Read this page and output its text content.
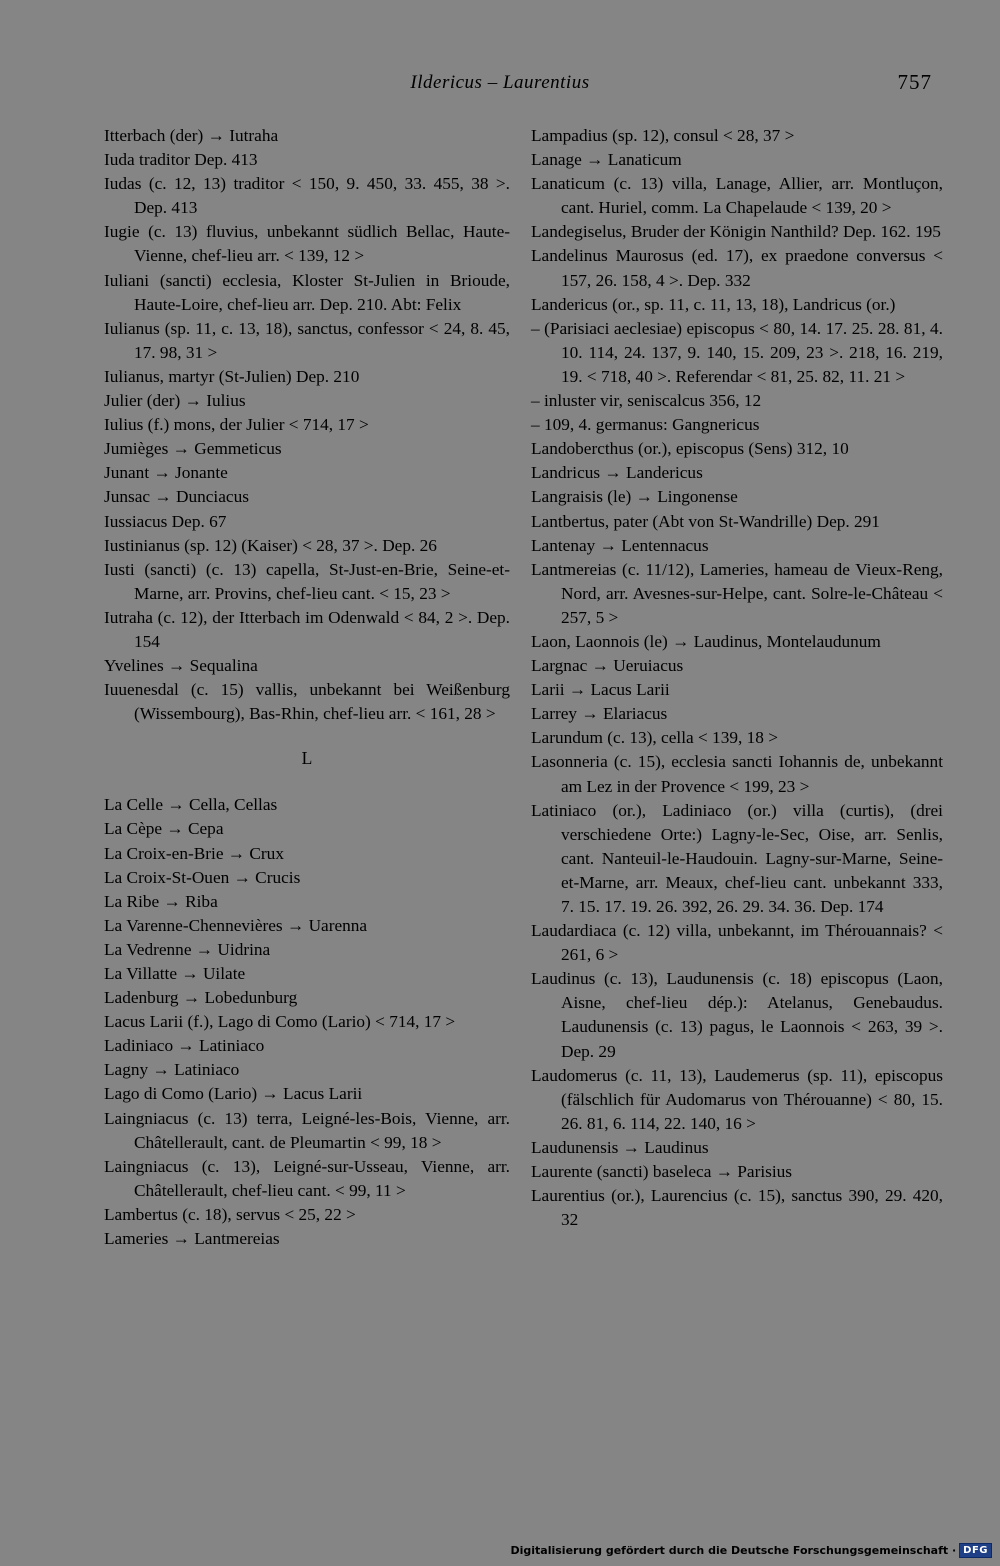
Ildericus – Laurentius	757
Itterbach (der) → Iutraha
Iuda traditor Dep. 413
Iudas (c. 12, 13) traditor < 150, 9. 450, 33. 455, 38 >. Dep. 413
Iugie (c. 13) fluvius, unbekannt südlich Bellac, Haute-Vienne, chef-lieu arr. < 139, 12 >
Iuliani (sancti) ecclesia, Kloster St-Julien in Brioude, Haute-Loire, chef-lieu arr. Dep. 210. Abt: Felix
Iulianus (sp. 11, c. 13, 18), sanctus, confessor < 24, 8. 45, 17. 98, 31 >
Iulianus, martyr (St-Julien) Dep. 210
Julier (der) → Iulius
Iulius (f.) mons, der Julier < 714, 17 >
Jumièges → Gemmeticus
Junant → Jonante
Junsac → Dunciacus
Iussiacus Dep. 67
Iustinianus (sp. 12) (Kaiser) < 28, 37 >. Dep. 26
Iusti (sancti) (c. 13) capella, St-Just-en-Brie, Seine-et-Marne, arr. Provins, chef-lieu cant. < 15, 23 >
Iutraha (c. 12), der Itterbach im Odenwald < 84, 2 >. Dep. 154
Yvelines → Sequalina
Iuuenesdal (c. 15) vallis, unbekannt bei Weißenburg (Wissembourg), Bas-Rhin, chef-lieu arr. < 161, 28 >
L
La Celle → Cella, Cellas
La Cèpe → Cepa
La Croix-en-Brie → Crux
La Croix-St-Ouen → Crucis
La Ribe → Riba
La Varenne-Chennevières → Uarenna
La Vedrenne → Uidrina
La Villatte → Uilate
Ladenburg → Lobedunburg
Lacus Larii (f.), Lago di Como (Lario) < 714, 17 >
Ladiniaco → Latiniaco
Lagny → Latiniaco
Lago di Como (Lario) → Lacus Larii
Laingniacus (c. 13) terra, Leigné-les-Bois, Vienne, arr. Châtellerault, cant. de Pleumartin < 99, 18 >
Laingniacus (c. 13), Leigné-sur-Usseau, Vienne, arr. Châtellerault, chef-lieu cant. < 99, 11 >
Lambertus (c. 18), servus < 25, 22 >
Lameries → Lantmereias
Lampadius (sp. 12), consul < 28, 37 >
Lanage → Lanaticum
Lanaticum (c. 13) villa, Lanage, Allier, arr. Montluçon, cant. Huriel, comm. La Chapelaude < 139, 20 >
Landegiselus, Bruder der Königin Nanthild? Dep. 162. 195
Landelinus Maurosus (ed. 17), ex praedone conversus < 157, 26. 158, 4 >. Dep. 332
Landericus (or., sp. 11, c. 11, 13, 18), Landricus (or.)
– (Parisiaci aeclesiae) episcopus < 80, 14. 17. 25. 28. 81, 4. 10. 114, 24. 137, 9. 140, 15. 209, 23 >. 218, 16. 219, 19. < 718, 40 >. Referendar < 81, 25. 82, 11. 21 >
– inluster vir, seniscalcus 356, 12
– 109, 4. germanus: Gangnericus
Landobercthus (or.), episcopus (Sens) 312, 10
Landricus → Landericus
Langraisis (le) → Lingonense
Lantbertus, pater (Abt von St-Wandrille) Dep. 291
Lantenay → Lentennacus
Lantmereias (c. 11/12), Lameries, hameau de Vieux-Reng, Nord, arr. Avesnes-sur-Helpe, cant. Solre-le-Château < 257, 5 >
Laon, Laonnois (le) → Laudinus, Montelaudunum
Largnac → Ueruiacus
Larii → Lacus Larii
Larrey → Elariacus
Larundum (c. 13), cella < 139, 18 >
Lasonneria (c. 15), ecclesia sancti Iohannis de, unbekannt am Lez in der Provence < 199, 23 >
Latiniaco (or.), Ladiniaco (or.) villa (curtis), (drei verschiedene Orte:) Lagny-le-Sec, Oise, arr. Senlis, cant. Nanteuil-le-Haudouin. Lagny-sur-Marne, Seine-et-Marne, arr. Meaux, chef-lieu cant. unbekannt 333, 7. 15. 17. 19. 26. 392, 26. 29. 34. 36. Dep. 174
Laudardiaca (c. 12) villa, unbekannt, im Thérouannais? < 261, 6 >
Laudinus (c. 13), Laudunensis (c. 18) episcopus (Laon, Aisne, chef-lieu dép.): Atelanus, Genebaudus. Laudunensis (c. 13) pagus, le Laonnois < 263, 39 >. Dep. 29
Laudomerus (c. 11, 13), Laudemerus (sp. 11), episcopus (fälschlich für Audomarus von Thérouanne) < 80, 15. 26. 81, 6. 114, 22. 140, 16 >
Laudunensis → Laudinus
Laurente (sancti) baseleca → Parisius
Laurentius (or.), Laurencius (c. 15), sanctus 390, 29. 420, 32
Digitalisierung gefördert durch die Deutsche Forschungsgemeinschaft · DFG
